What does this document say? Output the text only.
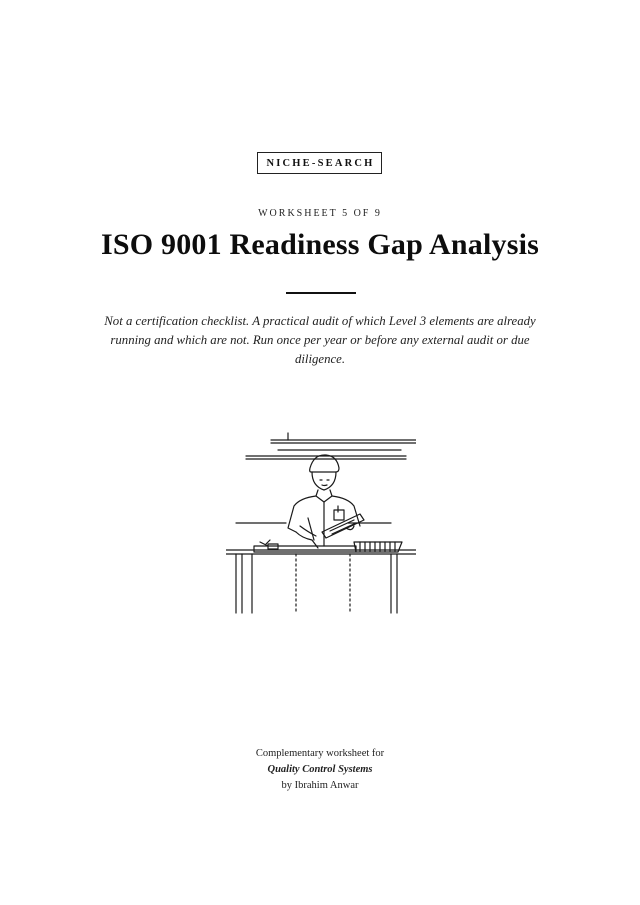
NICHE-SEARCH
WORKSHEET 5 OF 9
ISO 9001 Readiness Gap Analysis
Not a certification checklist. A practical audit of which Level 3 elements are already running and which are not. Run once per year or before any external audit or due diligence.
Complementary worksheet for
Quality Control Systems
by Ibrahim Anwar
